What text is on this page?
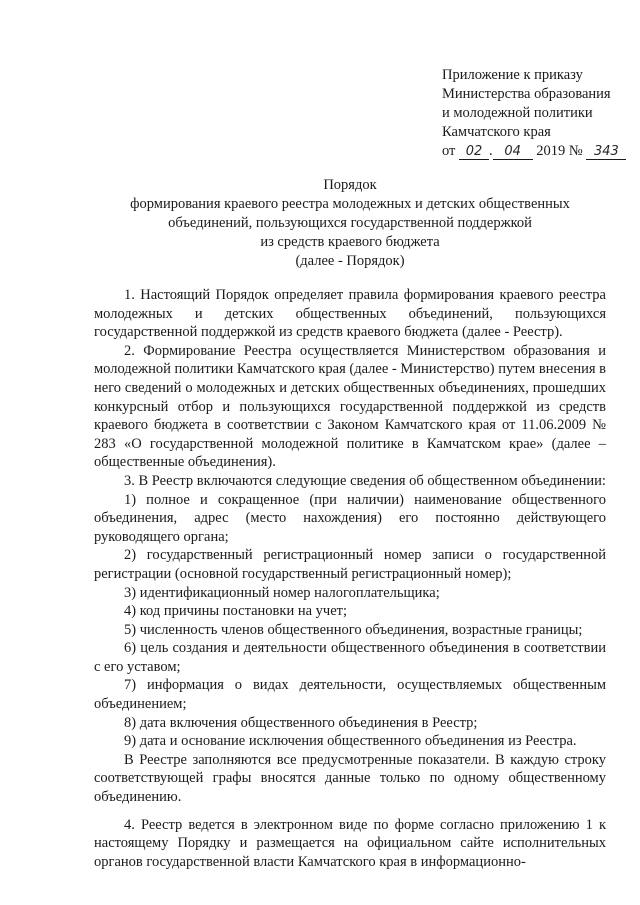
Приложение к приказу
Министерства образования
и молодежной политики
Камчатского края
от 02 . 04 2019 № 343
Порядок
формирования краевого реестра молодежных и детских общественных
объединений, пользующихся государственной поддержкой
из средств краевого бюджета
(далее - Порядок)

1. Настоящий Порядок определяет правила формирования краевого реестра молодежных и детских общественных объединений, пользующихся государственной поддержкой из средств краевого бюджета (далее - Реестр).

2. Формирование Реестра осуществляется Министерством образования и молодежной политики Камчатского края (далее - Министерство) путем внесения в него сведений о молодежных и детских общественных объединениях, прошедших конкурсный отбор и пользующихся государственной поддержкой из средств краевого бюджета в соответствии с Законом Камчатского края от 11.06.2009 № 283 «О государственной молодежной политике в Камчатском крае» (далее – общественные объединения).

3. В Реестр включаются следующие сведения об общественном объединении:

1) полное и сокращенное (при наличии) наименование общественного объединения, адрес (место нахождения) его постоянно действующего руководящего органа;

2) государственный регистрационный номер записи о государственной регистрации (основной государственный регистрационный номер);

3) идентификационный номер налогоплательщика;

4) код причины постановки на учет;

5) численность членов общественного объединения, возрастные границы;

6) цель создания и деятельности общественного объединения в соответствии с его уставом;

7) информация о видах деятельности, осуществляемых общественным объединением;

8) дата включения общественного объединения в Реестр;

9) дата и основание исключения общественного объединения из Реестра.

В Реестре заполняются все предусмотренные показатели. В каждую строку соответствующей графы вносятся данные только по одному общественному объединению.

4. Реестр ведется в электронном виде по форме согласно приложению 1 к настоящему Порядку и размещается на официальном сайте исполнительных органов государственной власти Камчатского края в информационно-
